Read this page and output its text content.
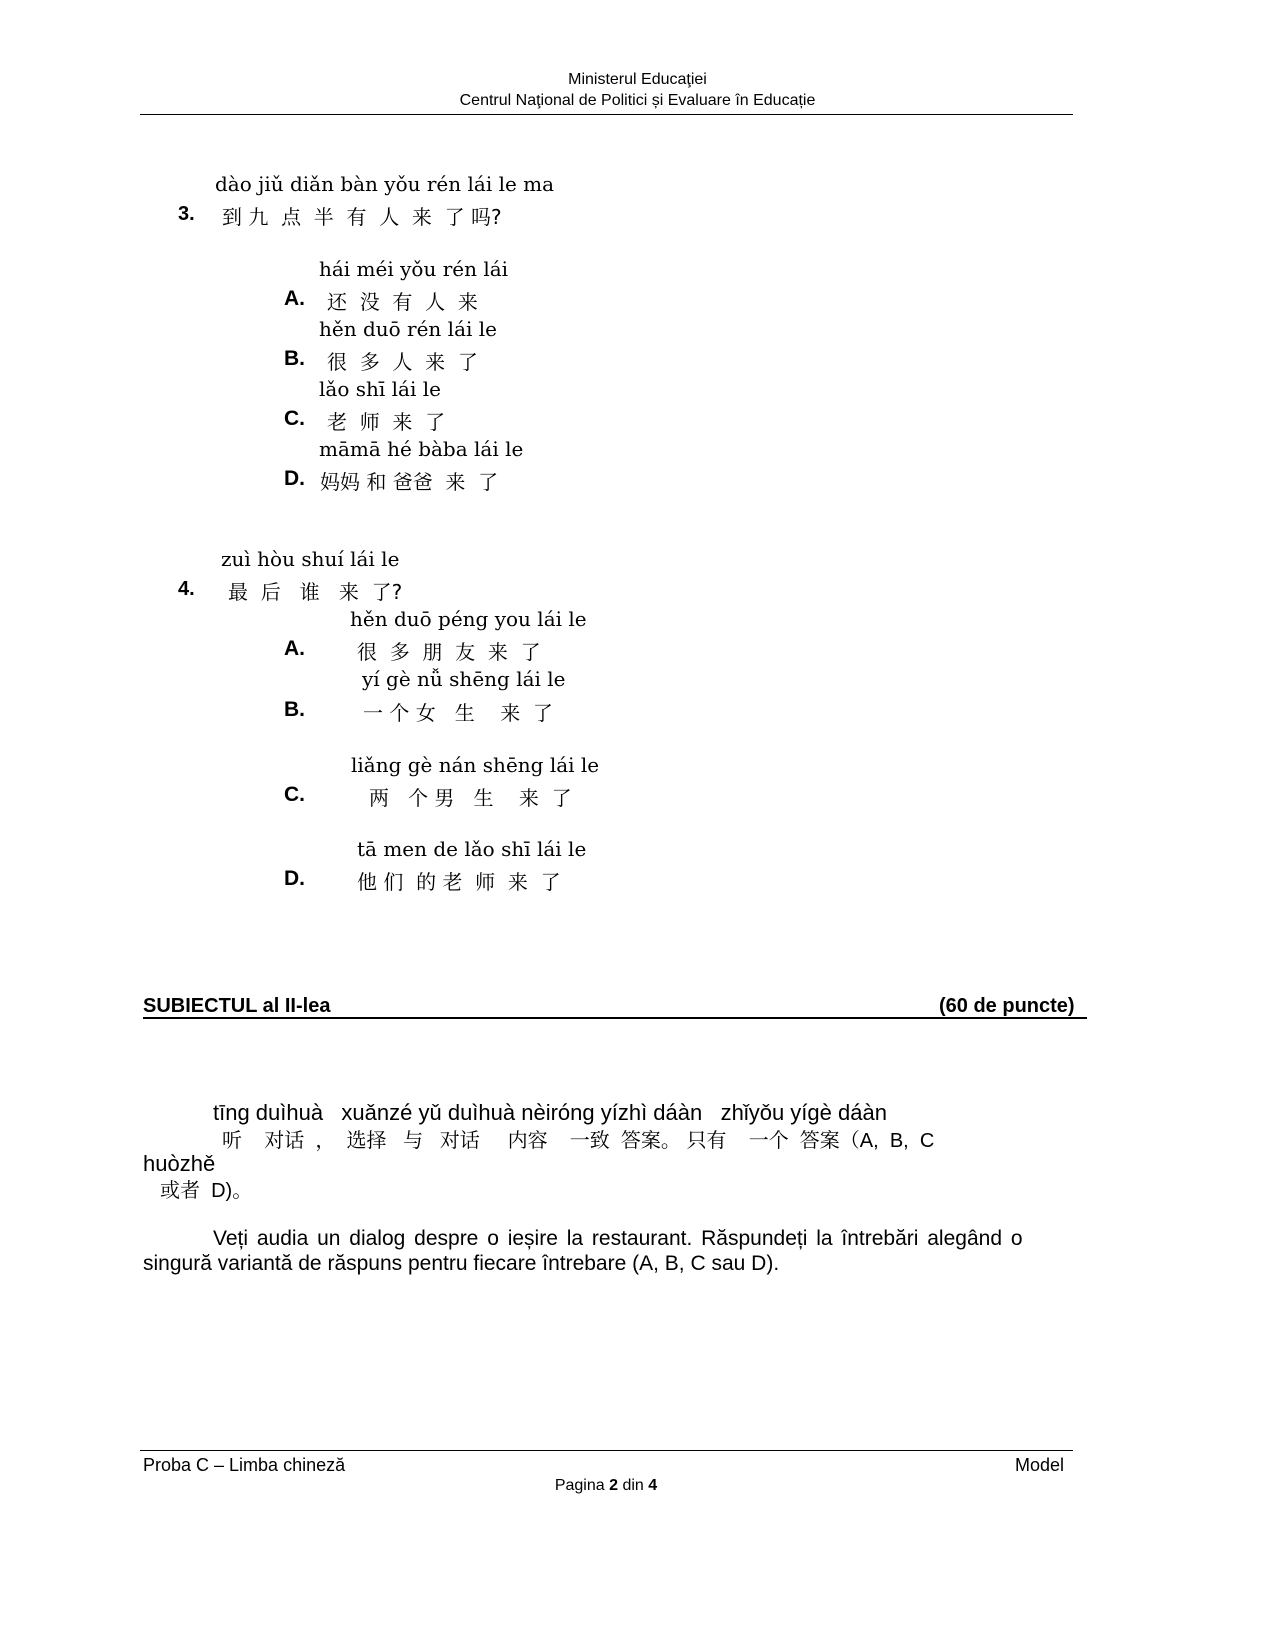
Ministerul Educaţiei
Centrul Naţional de Politici și Evaluare în Educație
dào jiǔ diǎn bàn yǒu rén lái le ma
3. 到 九  点  半  有  人  来  了 吗?
hái méi yǒu rén lái
A. 还  没  有  人  来
hěn duō rén lái le
B. 很  多  人  来  了
lǎo shī lái le
C. 老  师  来  了
māmā hé bàba lái le
D. 妈妈 和 爸爸  来  了
zuì hòu shuí lái le
4. 最  后   谁   来  了?
hěn duō péng you lái le
A.	很  多  朋  友  来  了
yí gè nǚ shēng lái le
B.	一 个 女   生    来  了
liǎng gè nán shēng lái le
C.	两   个 男   生    来  了
tā men de lǎo shī lái le
D.	他 们  的 老  师  来  了
SUBIECTUL al II-lea	(60 de puncte)
tīng duìhuà   xuǎnzé yǔ duìhuà nèiróng yízhì dáàn   zhǐyǒu yígè dáàn
听    对话  ，  选择   与   对话     内容    一致  答案。 只有    一个  答案（A,  B,  C
huòzhě
或者  D)。
Veți audia un dialog despre o ieșire la restaurant. Răspundeți la întrebări alegând o
singură variantă de răspuns pentru fiecare întrebare (A, B, C sau D).
Proba C – Limba chineză	Model
Pagina 2 din 4
